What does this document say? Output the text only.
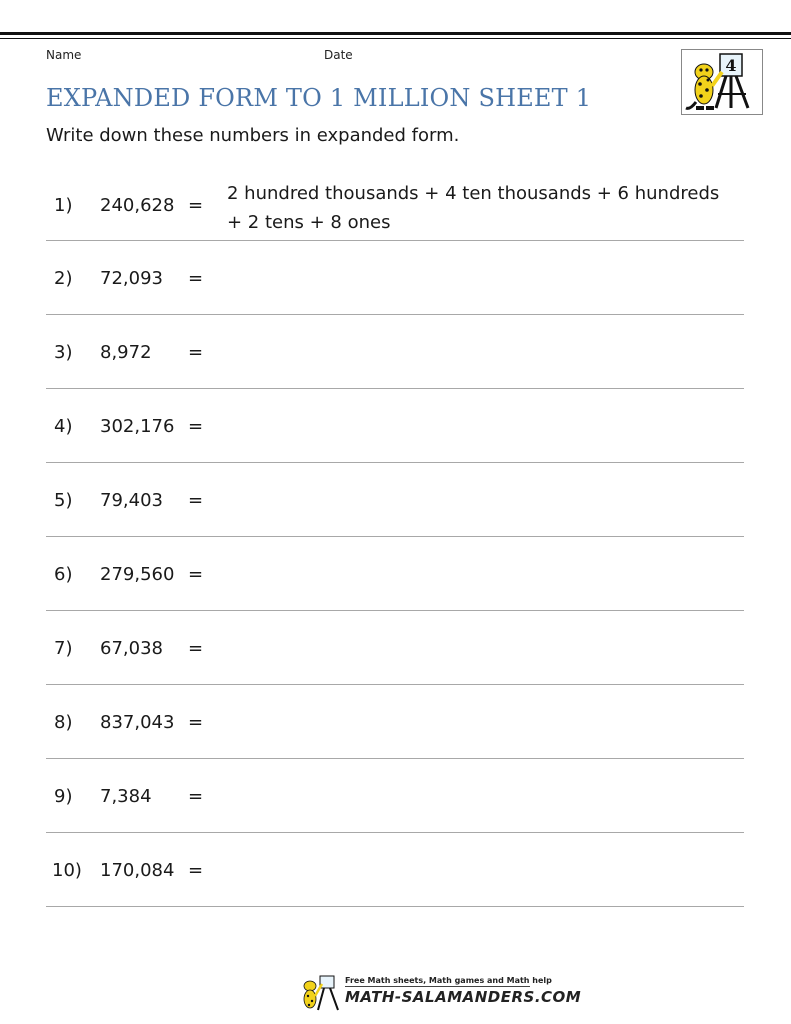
Name	Date
4
EXPANDED FORM TO 1 MILLION SHEET 1
Write down these numbers in expanded form.
1) 240,628 =
2 hundred thousands + 4 ten thousands + 6 hundreds
+ 2 tens + 8 ones
2) 72,093 =
3) 8,972 =
4) 302,176 =
5) 79,403 =
6) 279,560 =
7) 67,038 =
8) 837,043 =
9) 7,384 =
10) 170,084 =
Free Math sheets, Math games and Math help
MATH-SALAMANDERS.COM
